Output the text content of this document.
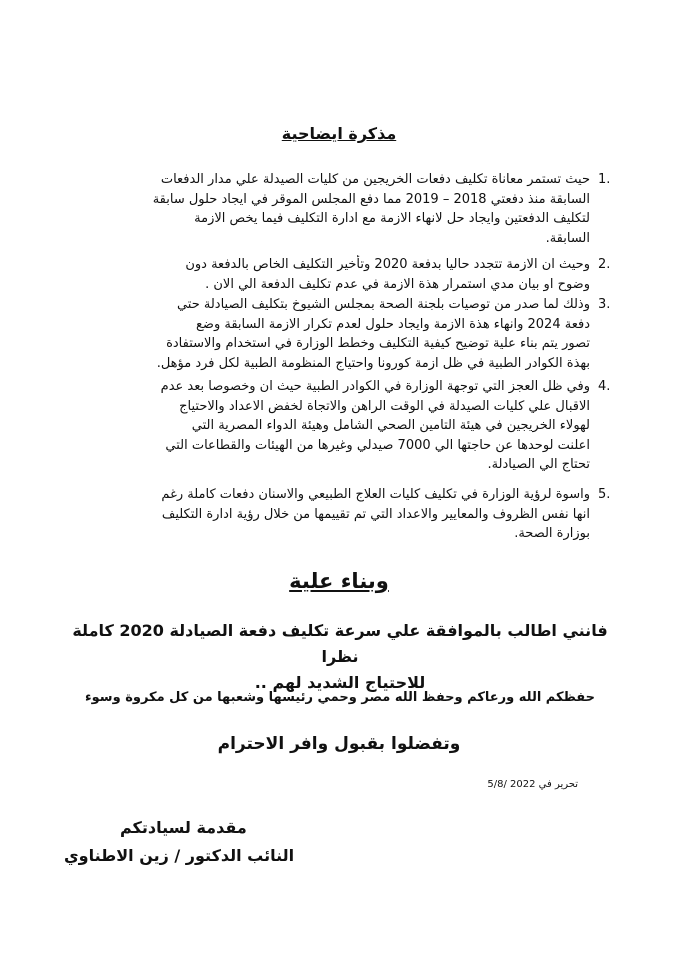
مذكرة ايضاحية
1.
حيث تستمر معاناة تكليف دفعات الخريجين من كليات الصيدلة علي مدار الدفعات
السابقة منذ دفعتي 2018 – 2019 مما دفع المجلس الموقر في ايجاد حلول سابقة
لتكليف الدفعتين وايجاد حل لانهاء الازمة مع ادارة التكليف فيما يخص الازمة
السابقة.
2.
وحيث ان الازمة تتجدد حاليا بدفعة 2020 وتأخير التكليف الخاص بالدفعة دون
وضوح او بيان مدي استمرار هذة الازمة في عدم تكليف الدفعة الي الان .
3.
وذلك لما صدر من توصيات بلجنة الصحة بمجلس الشيوخ بتكليف الصيادلة حتي
دفعة 2024 وانهاء هذة الازمة وايجاد حلول لعدم تكرار الازمة السابقة وضع
تصور يتم بناء علية توضيح كيفية التكليف وخطط الوزارة في استخدام والاستفادة
بهذة الكوادر الطبية في ظل ازمة كورونا واحتياج المنظومة الطبية لكل فرد مؤهل.
4.
وفي ظل العجز التي توجهة الوزارة في الكوادر الطبية حيث ان وخصوصا بعد عدم
الاقبال علي كليات الصيدلة في الوقت الراهن والاتجاة لخفض الاعداد والاحتياج
لهولاء الخريجين في هيئة التامين الصحي الشامل وهيئة الدواء المصرية التي
اعلنت لوحدها عن حاجتها الي 7000 صيدلي وغيرها من الهيئات والقطاعات التي
تحتاج الي الصيادلة.
5.
واسوة لرؤية الوزارة في تكليف كليات العلاج الطبيعي والاسنان دفعات كاملة رغم
انها نفس الظروف والمعايير والاعداد التي تم تقييمها من خلال رؤية ادارة التكليف
بوزارة الصحة.
وبناء علية
فانني اطالب بالموافقة علي سرعة تكليف دفعة الصيادلة 2020 كاملة نظرا
للاحتياج الشديد لهم ..
حفظكم الله ورعاكم وحفظ الله مصر وحمي رئيسها وشعبها من كل مكروة وسوء
وتفضلوا بقبول وافر الاحترام
تحرير في 2022 /5/8
مقدمة لسيادتكم
النائب الدكتور / زين الاطناوي
